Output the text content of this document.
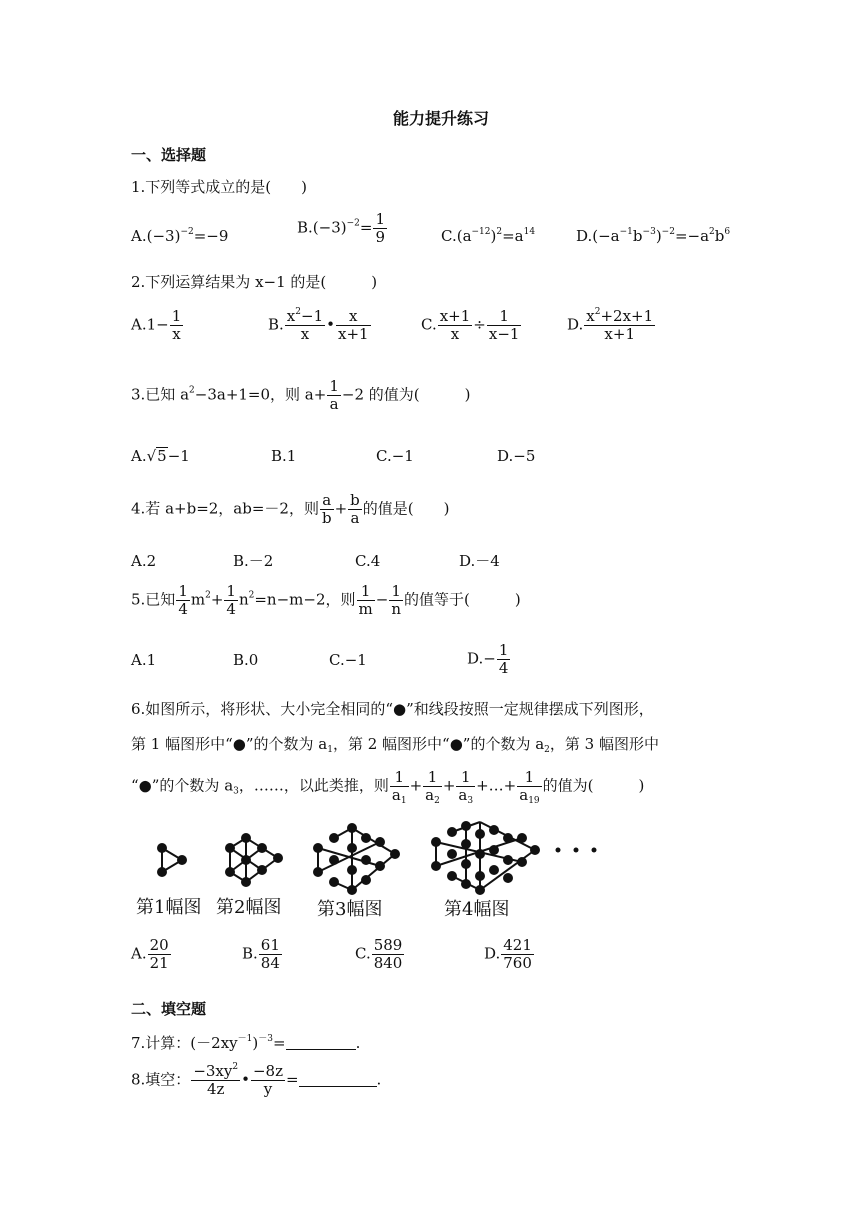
能力提升练习
一、选择题
1.下列等式成立的是(　　)
$A.(-3)^{-2}=-9$	$B.(-3)^{-2}= \frac{1}{9}$	$C.(a^{-12})^2=a^{14}$	$D.(-a^{-1}b^{-3})^{-2}=-a^2b^6$
2.下列运算结果为 x−1 的是(　　　)
$A.1- \frac{1}{x}$	B. $\frac{x^2-1}{x}$ • $\frac{x}{x+1}$	C. $\frac{x+1}{x} \div \frac{1}{x-1}$	D. $\frac{x^2+2x+1}{x+1}$
3.已知 $a^2-3a+1=0$，则 $a+ \frac{1}{a} -2$ 的值为(　　　)
A.√5−1	B.1	C.−1	D.−5
4.若 a+b=2，ab=－2，则 $\frac{a}{b} + \frac{b}{a}$ 的值是(　　)
A.2	B.－2	C.4	D.－4
5.已知 $\frac{1}{4} m^2+ \frac{1}{4} n^2=n-m-2$，则 $\frac{1}{m} - \frac{1}{n}$ 的值等于(　　　)
A.1	B.0	C.−1	$D.- \frac{1}{4}$
6.如图所示，将形状、大小完全相同的“●”和线段按照一定规律摆成下列图形，
第 1 幅图形中“●”的个数为 $a_1$，第 2 幅图形中“●”的个数为 $a_2$，第 3 幅图形中
“●”的个数为 $a_3$，……，以此类推，则 $\frac{1}{a_1} + \frac{1}{a_2} + \frac{1}{a_3}$ +…+ $\frac{1}{a_{19}}$ 的值为(　　　)
第1幅图 第2幅图 第3幅图	第4幅图
A. $\frac{20}{21}$	B. $\frac{61}{84}$	C. $\frac{589}{840}$	D. $\frac{421}{760}$
二、填空题
7.计算：$(-2xy^{-1})^{-3}=$	.
8.填空： $\frac{-3xy^2}{4z}$ • $\frac{-8z}{y}$ =	.
